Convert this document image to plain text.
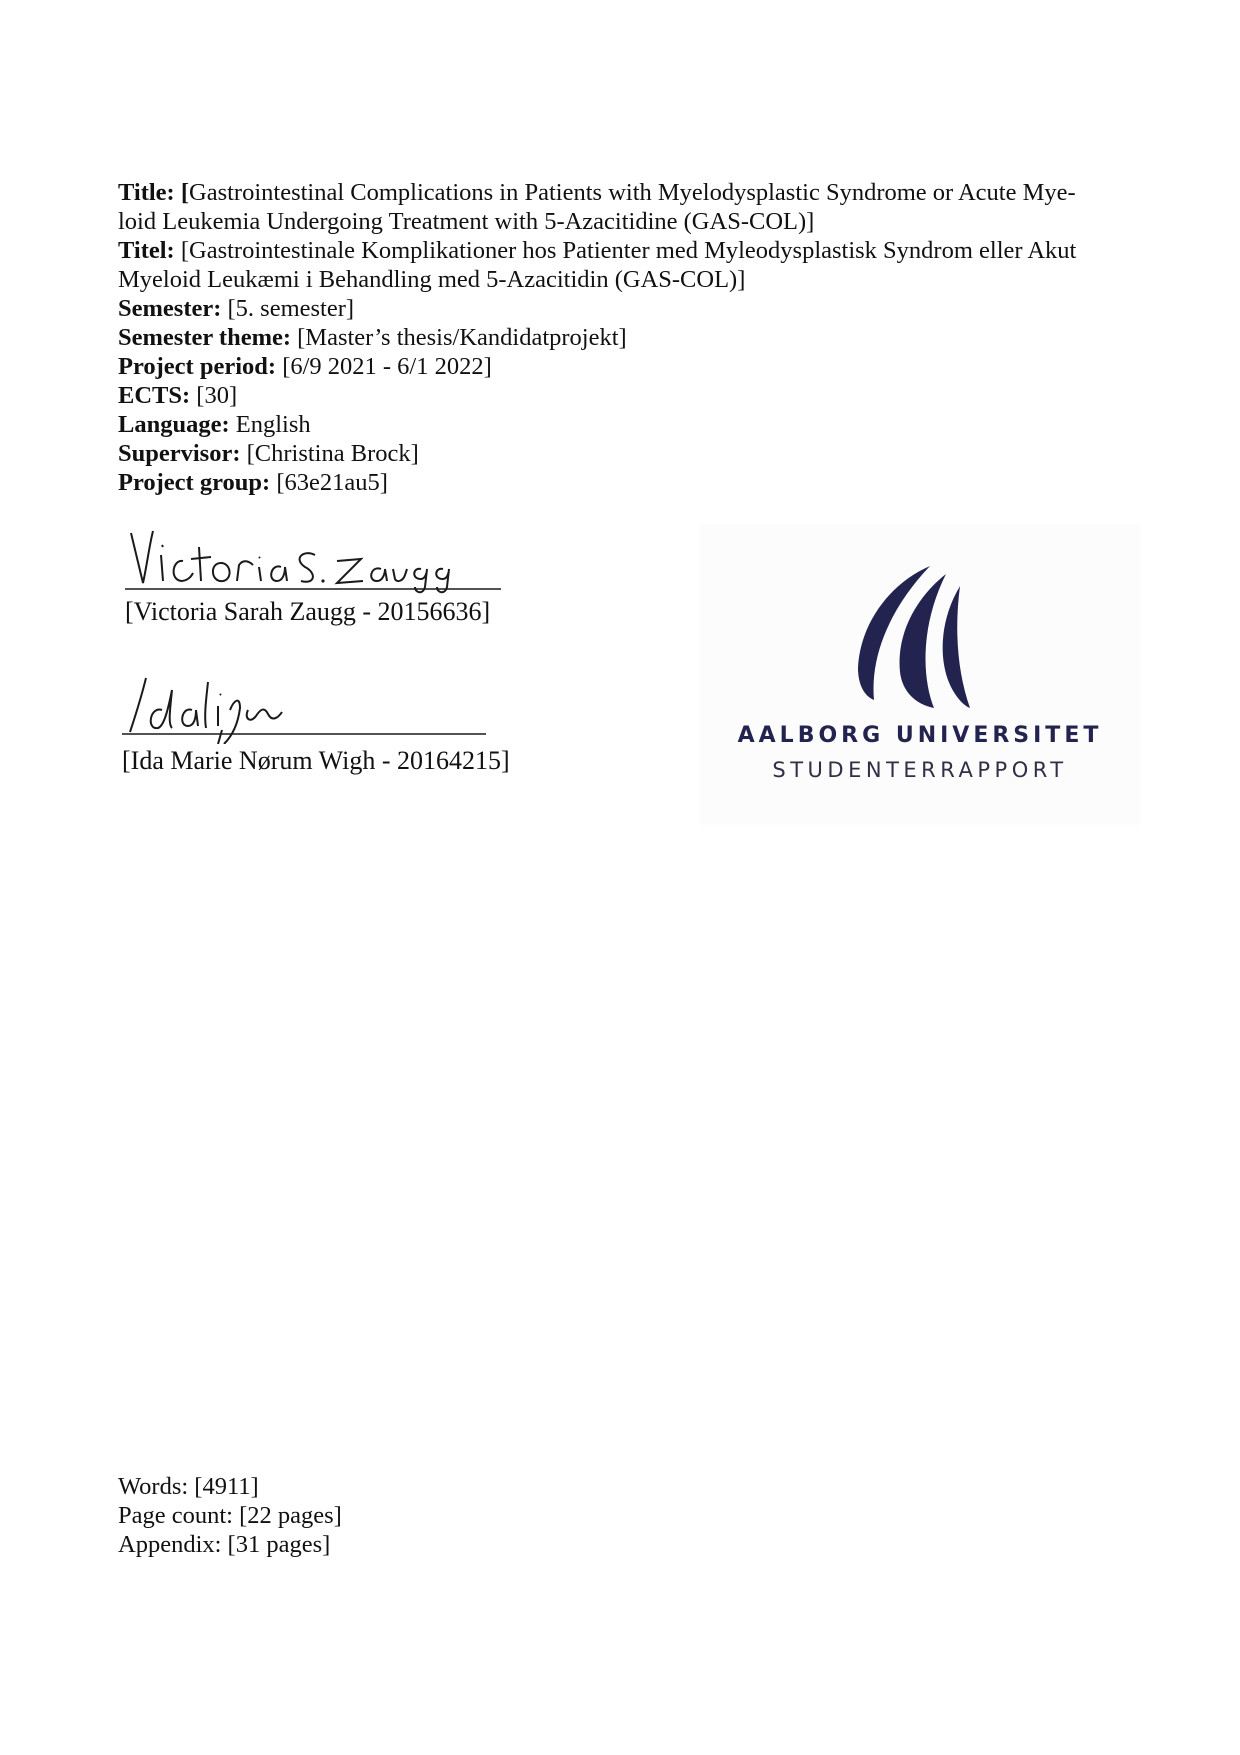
Title: [Gastrointestinal Complications in Patients with Myelodysplastic Syndrome or Acute Mye-
loid Leukemia Undergoing Treatment with 5-Azacitidine (GAS-COL)]
Titel: [Gastrointestinale Komplikationer hos Patienter med Myleodysplastisk Syndrom eller Akut
Myeloid Leukæmi i Behandling med 5-Azacitidin (GAS-COL)]
Semester: [5. semester]
Semester theme: [Master’s thesis/Kandidatprojekt]
Project period: [6/9 2021 - 6/1 2022]
ECTS: [30]
Language: English
Supervisor: [Christina Brock]
Project group: [63e21au5]
[Victoria Sarah Zaugg - 20156636]
[Ida Marie Nørum Wigh - 20164215]
AALBORG UNIVERSITET
STUDENTERRAPPORT
Words: [4911]
Page count: [22 pages]
Appendix: [31 pages]
